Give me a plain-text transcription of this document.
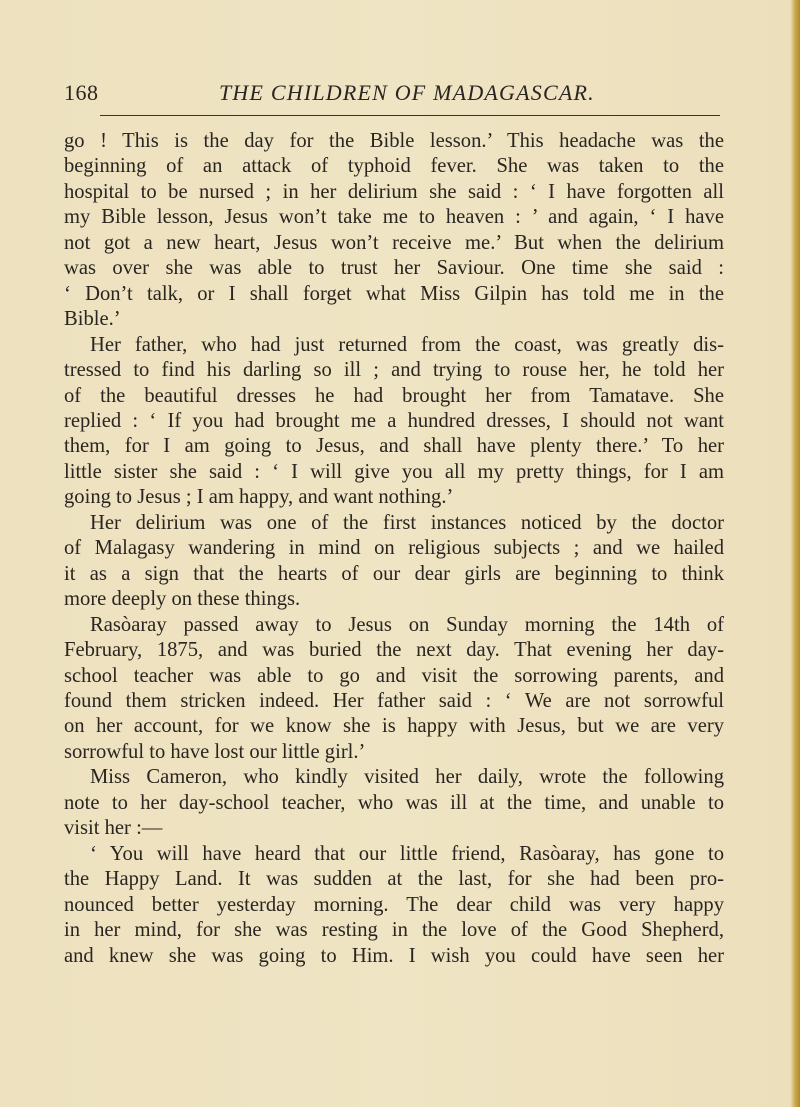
168	THE CHILDREN OF MADAGASCAR.
go ! This is the day for the Bible lesson.’ This headache was the
beginning of an attack of typhoid fever. She was taken to the
hospital to be nursed ; in her delirium she said : ‘ I have forgotten all
my Bible lesson, Jesus won’t take me to heaven : ’ and again, ‘ I have
not got a new heart, Jesus won’t receive me.’ But when the delirium
was over she was able to trust her Saviour. One time she said :
‘ Don’t talk, or I shall forget what Miss Gilpin has told me in the
Bible.’
Her father, who had just returned from the coast, was greatly dis-
tressed to find his darling so ill ; and trying to rouse her, he told her
of the beautiful dresses he had brought her from Tamatave. She
replied : ‘ If you had brought me a hundred dresses, I should not want
them, for I am going to Jesus, and shall have plenty there.’ To her
little sister she said : ‘ I will give you all my pretty things, for I am
going to Jesus ; I am happy, and want nothing.’
Her delirium was one of the first instances noticed by the doctor
of Malagasy wandering in mind on religious subjects ; and we hailed
it as a sign that the hearts of our dear girls are beginning to think
more deeply on these things.
Rasòaray passed away to Jesus on Sunday morning the 14th of
February, 1875, and was buried the next day. That evening her day-
school teacher was able to go and visit the sorrowing parents, and
found them stricken indeed. Her father said : ‘ We are not sorrowful
on her account, for we know she is happy with Jesus, but we are very
sorrowful to have lost our little girl.’
Miss Cameron, who kindly visited her daily, wrote the following
note to her day-school teacher, who was ill at the time, and unable to
visit her :—
‘ You will have heard that our little friend, Rasòaray, has gone to
the Happy Land. It was sudden at the last, for she had been pro-
nounced better yesterday morning. The dear child was very happy
in her mind, for she was resting in the love of the Good Shepherd,
and knew she was going to Him. I wish you could have seen her
